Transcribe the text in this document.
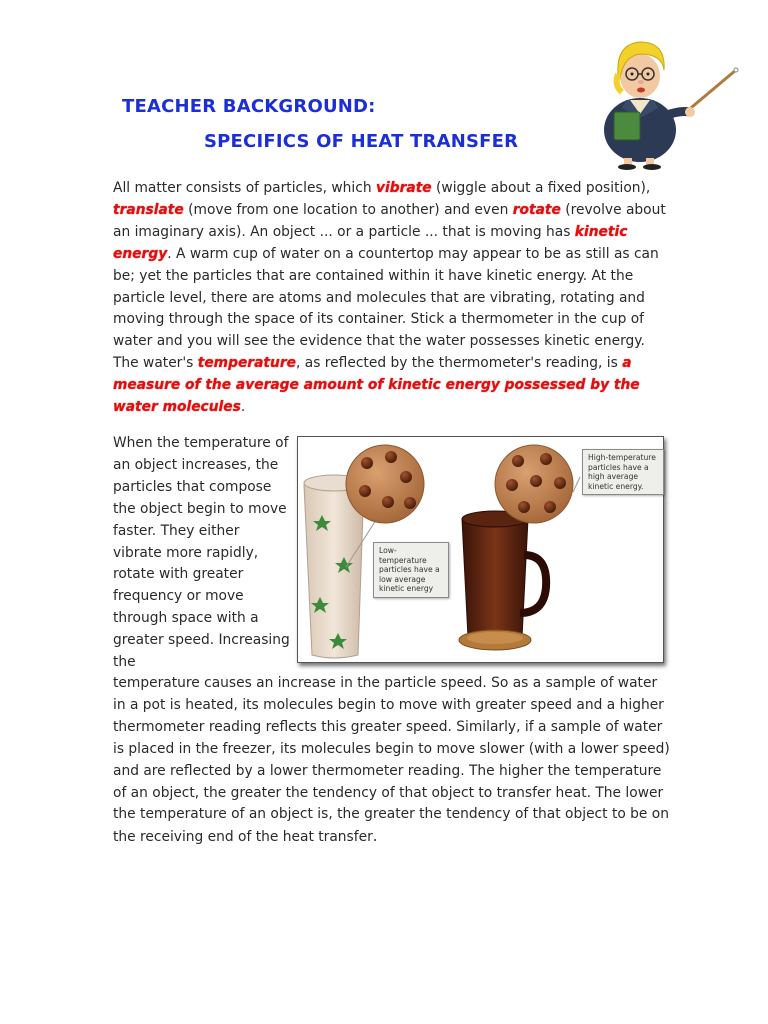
TEACHER BACKGROUND:
SPECIFICS OF HEAT TRANSFER

All matter consists of particles, which vibrate (wiggle about a fixed position), translate (move from one location to another) and even rotate (revolve about an imaginary axis). An object ... or a particle ... that is moving has kinetic energy. A warm cup of water on a countertop may appear to be as still as can be; yet the particles that are contained within it have kinetic energy. At the particle level, there are atoms and molecules that are vibrating, rotating and moving through the space of its container. Stick a thermometer in the cup of water and you will see the evidence that the water possesses kinetic energy. The water's temperature, as reflected by the thermometer's reading, is a measure of the average amount of kinetic energy possessed by the water molecules.

When the temperature of an object increases, the particles that compose the object begin to move faster. They either vibrate more rapidly, rotate with greater frequency or move through space with a greater speed. Increasing the

Low-temperature particles have a low average kinetic energy
High-temperature particles have a high average kinetic energy.

temperature causes an increase in the particle speed. So as a sample of water in a pot is heated, its molecules begin to move with greater speed and a higher thermometer reading reflects this greater speed. Similarly, if a sample of water is placed in the freezer, its molecules begin to move slower (with a lower speed) and are reflected by a lower thermometer reading. The higher the temperature of an object, the greater the tendency of that object to transfer heat. The lower the temperature of an object is, the greater the tendency of that object to be on the receiving end of the heat transfer.
